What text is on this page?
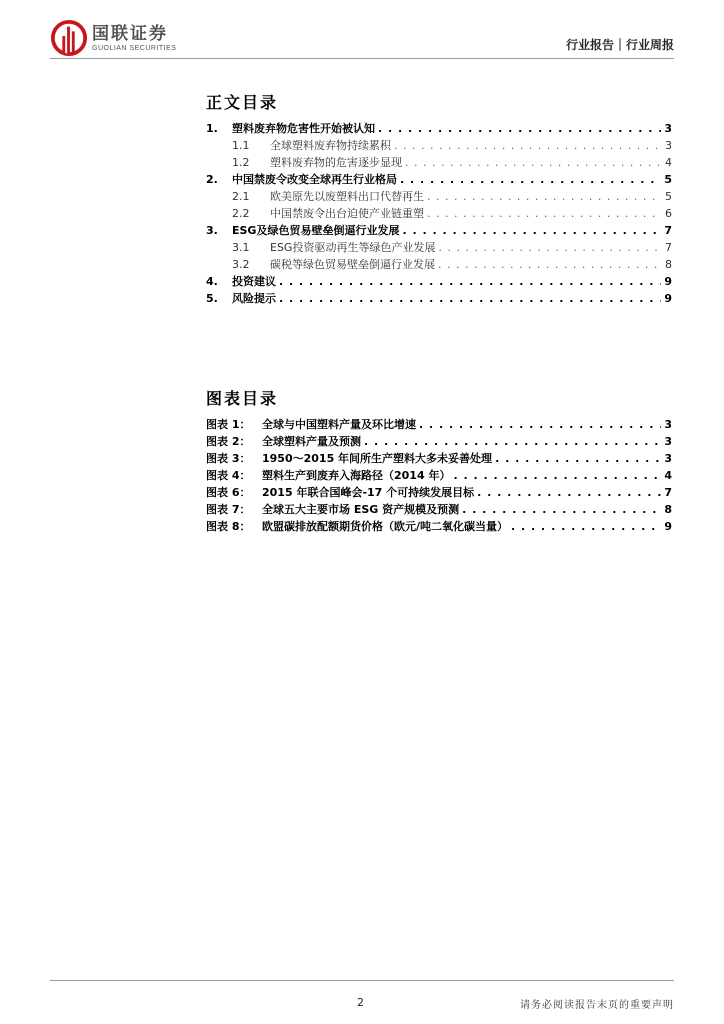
国联证券
GUOLIAN SECURITIES	行业报告｜行业周报
正文目录
1.	塑料废弃物危害性开始被认知 . . .	3
1.1	全球塑料废弃物持续累积 . . .	3
1.2	塑料废弃物的危害逐步显现 . . .	4
2.	中国禁废令改变全球再生行业格局 . . .	5
2.1	欧美原先以废塑料出口代替再生 . . .	5
2.2	中国禁废令出台迫使产业链重塑 . . .	6
3.	ESG及绿色贸易壁垒倒逼行业发展 . . .	7
3.1	ESG投资驱动再生等绿色产业发展 . . .	7
3.2	碳税等绿色贸易壁垒倒逼行业发展 . . .	8
4.	投资建议 . . .	9
5.	风险提示 . . .	9
图表目录
图表 1：	全球与中国塑料产量及环比增速 . . .	3
图表 2：	全球塑料产量及预测 . . .	3
图表 3：	1950～2015 年间所生产塑料大多未妥善处理 . . .	3
图表 4：	塑料生产到废弃入海路径（2014 年） . . .	4
图表 6：	2015 年联合国峰会-17 个可持续发展目标 . . .	7
图表 7：	全球五大主要市场 ESG 资产规模及预测 . . .	8
图表 8：	欧盟碳排放配额期货价格（欧元/吨二氧化碳当量） . . .	9
2	请务必阅读报告末页的重要声明
